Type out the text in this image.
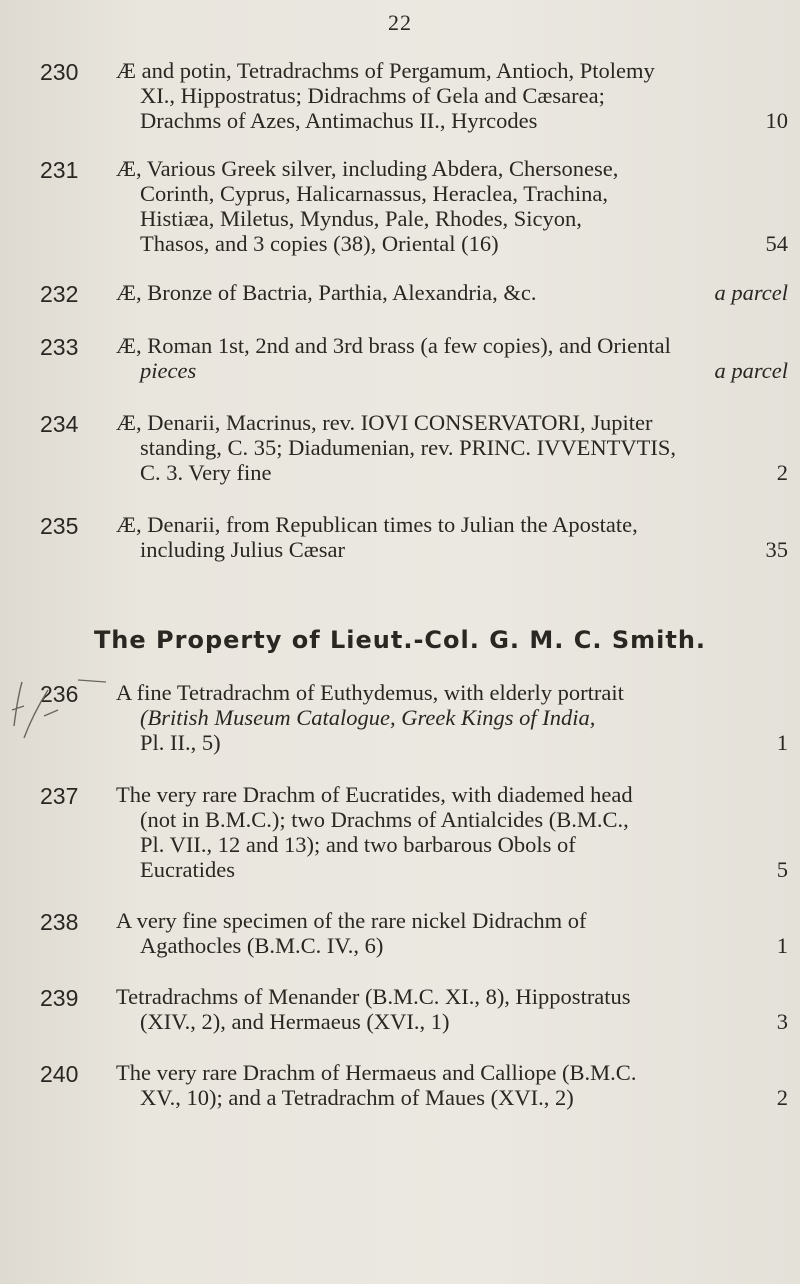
22
230	Æ and potin, Tetradrachms of Pergamum, Antioch, Ptolemy
XI., Hippostratus; Didrachms of Gela and Cæsarea;
Drachms of Azes, Antimachus II., Hyrcodes	10
231	Æ, Various Greek silver, including Abdera, Chersonese,
Corinth, Cyprus, Halicarnassus, Heraclea, Trachina,
Histiæa, Miletus, Myndus, Pale, Rhodes, Sicyon,
Thasos, and 3 copies (38), Oriental (16)	54
232	Æ, Bronze of Bactria, Parthia, Alexandria, &c.	a parcel
233	Æ, Roman 1st, 2nd and 3rd brass (a few copies), and Oriental
pieces	a parcel
234	Æ, Denarii, Macrinus, rev. IOVI CONSERVATORI, Jupiter
standing, C. 35; Diadumenian, rev. PRINC. IVVENTVTIS,
C. 3. Very fine	2
235	Æ, Denarii, from Republican times to Julian the Apostate,
including Julius Cæsar	35
The Property of Lieut.-Col. G. M. C. Smith.
236	A fine Tetradrachm of Euthydemus, with elderly portrait
(British Museum Catalogue, Greek Kings of India,
Pl. II., 5)	1
237	The very rare Drachm of Eucratides, with diademed head
(not in B.M.C.); two Drachms of Antialcides (B.M.C.,
Pl. VII., 12 and 13); and two barbarous Obols of
Eucratides	5
238	A very fine specimen of the rare nickel Didrachm of
Agathocles (B.M.C. IV., 6)	1
239	Tetradrachms of Menander (B.M.C. XI., 8), Hippostratus
(XIV., 2), and Hermaeus (XVI., 1)	3
240	The very rare Drachm of Hermaeus and Calliope (B.M.C.
XV., 10); and a Tetradrachm of Maues (XVI., 2)	2
